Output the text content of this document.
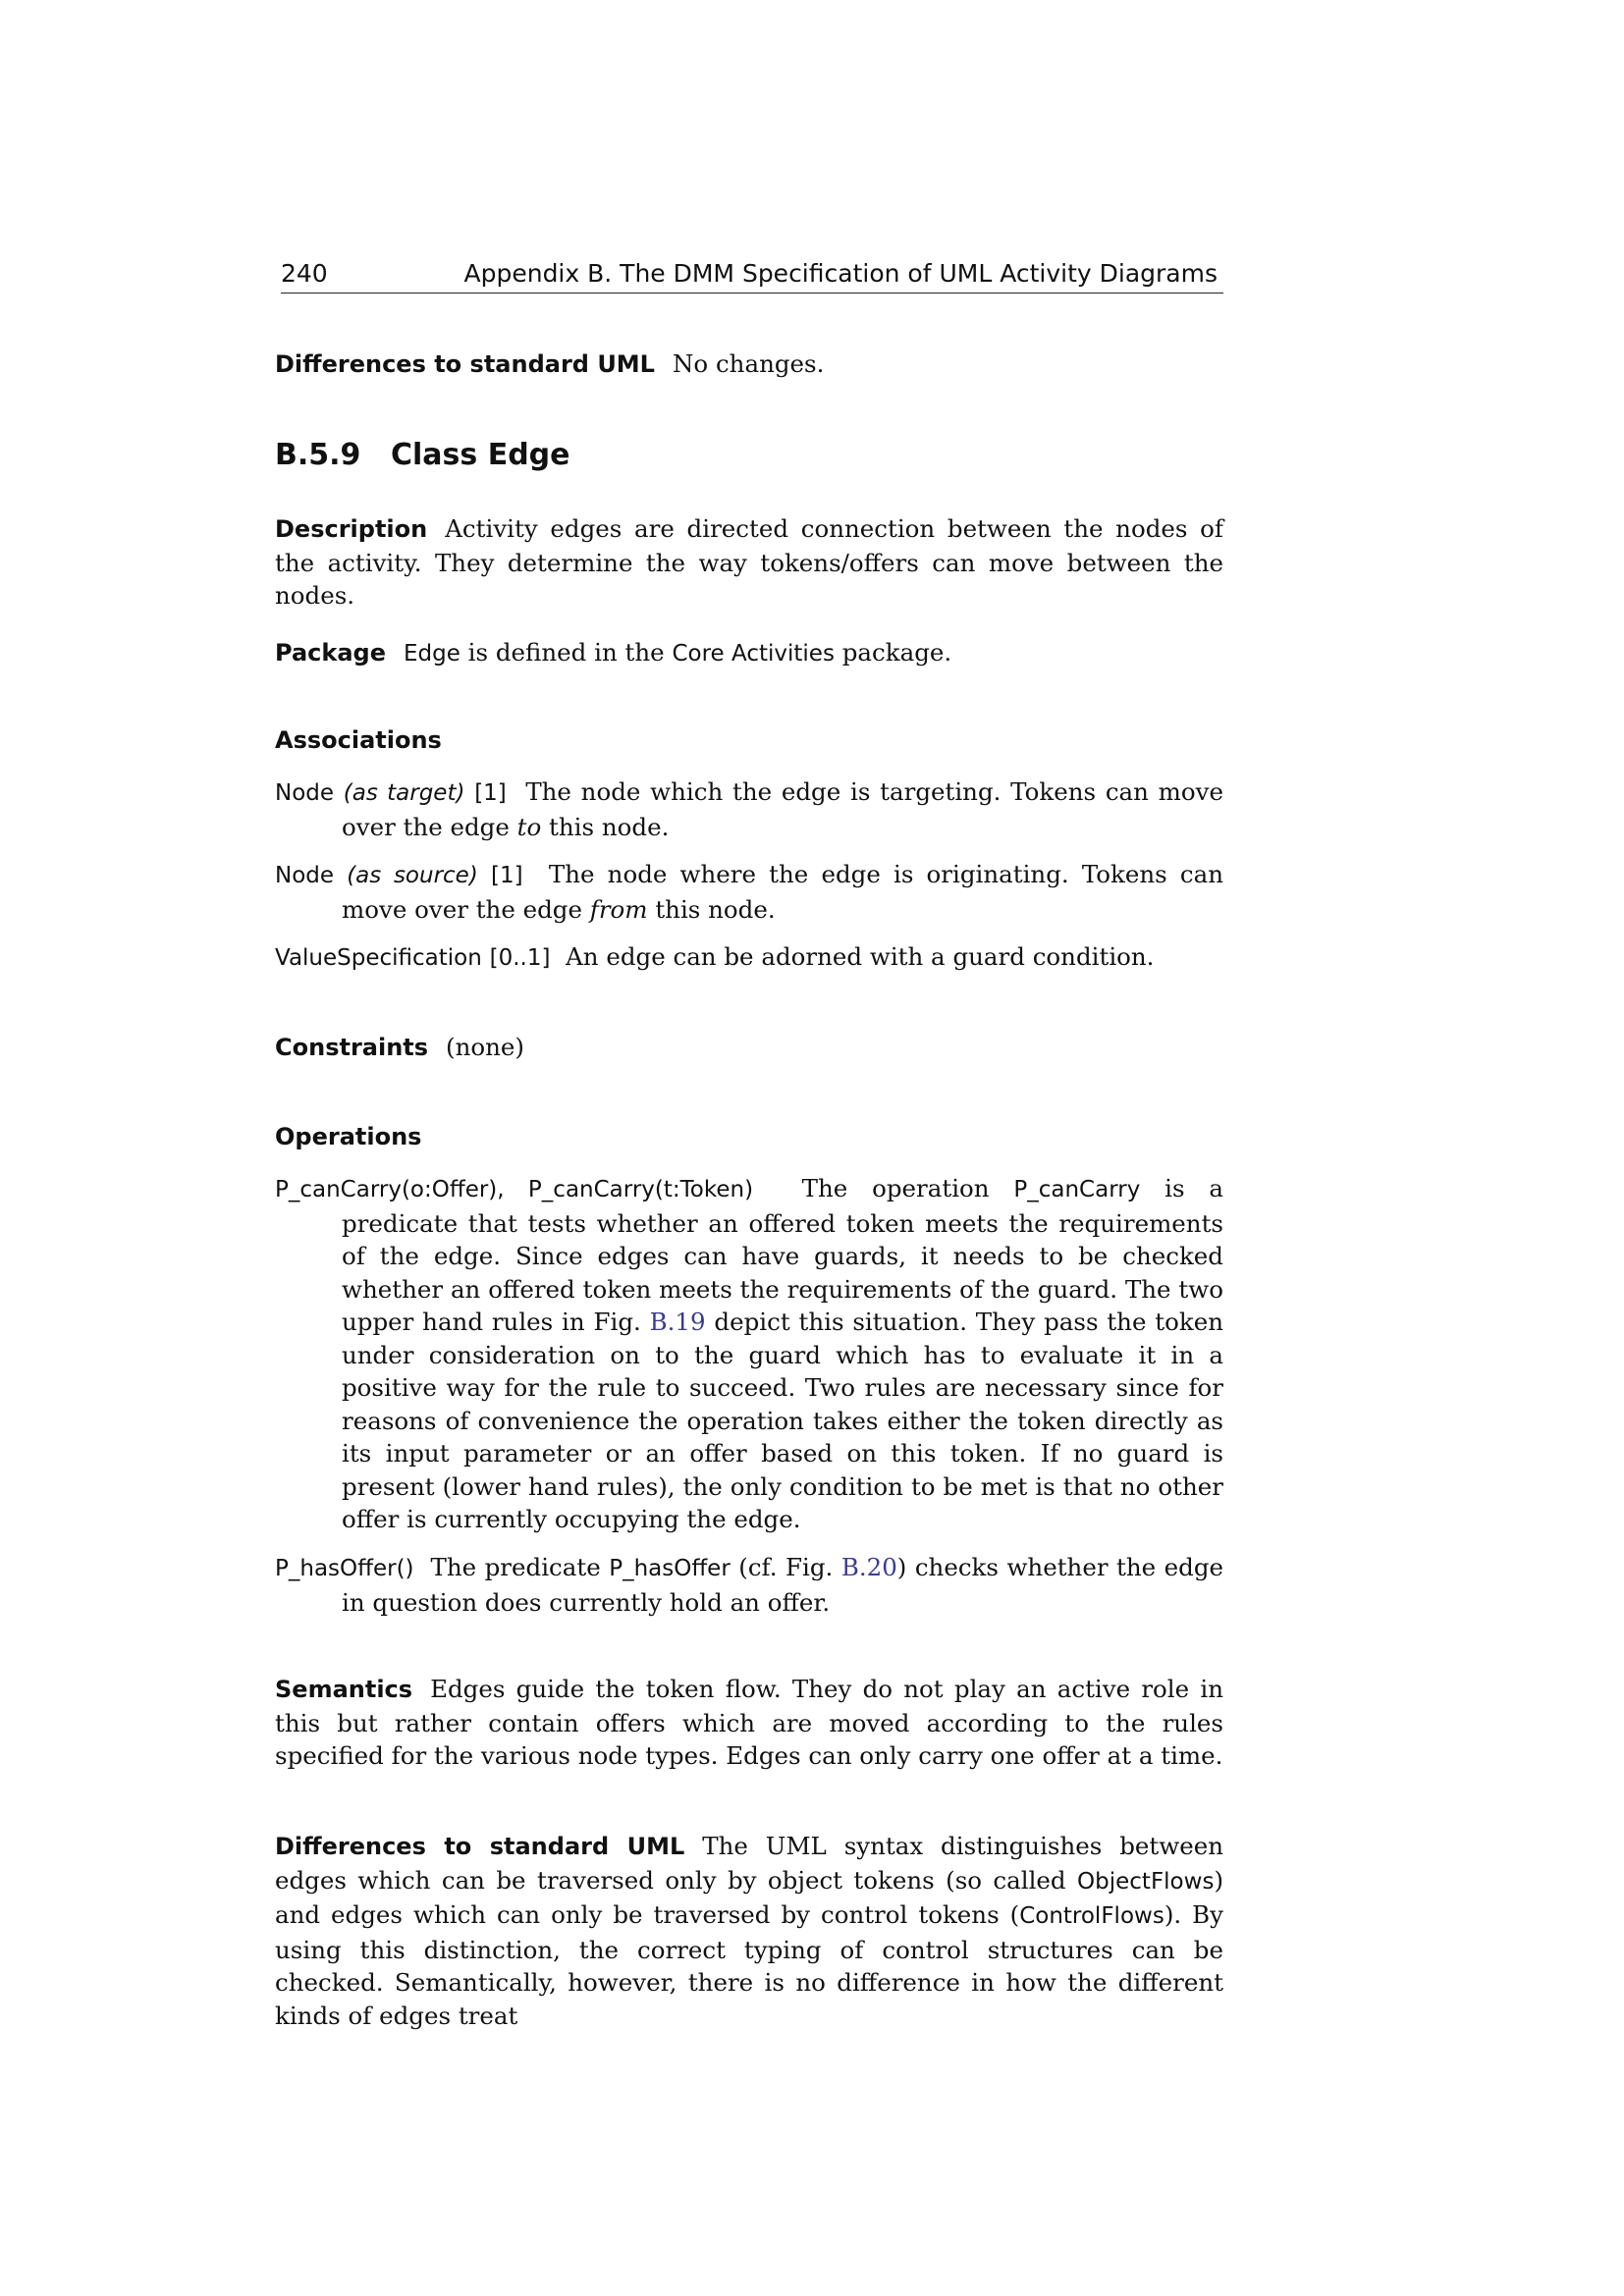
240	Appendix B. The DMM Specification of UML Activity Diagrams
Differences to standard UML No changes.
B.5.9 Class Edge
Description Activity edges are directed connection between the nodes of the activity. They determine the way tokens/offers can move between the nodes.
Package Edge is defined in the Core Activities package.
Associations
Node (as target) [1] The node which the edge is targeting. Tokens can move over the edge to this node.
Node (as source) [1] The node where the edge is originating. Tokens can move over the edge from this node.
ValueSpecification [0..1] An edge can be adorned with a guard condition.
Constraints (none)
Operations
P_canCarry(o:Offer), P_canCarry(t:Token) The operation P_canCarry is a predicate that tests whether an offered token meets the requirements of the edge. Since edges can have guards, it needs to be checked whether an offered token meets the requirements of the guard. The two upper hand rules in Fig. B.19 depict this situation. They pass the token under consideration on to the guard which has to evaluate it in a positive way for the rule to succeed. Two rules are necessary since for reasons of convenience the operation takes either the token directly as its input parameter or an offer based on this token. If no guard is present (lower hand rules), the only condition to be met is that no other offer is currently occupying the edge.
P_hasOffer() The predicate P_hasOffer (cf. Fig. B.20) checks whether the edge in question does currently hold an offer.
Semantics Edges guide the token flow. They do not play an active role in this but rather contain offers which are moved according to the rules specified for the various node types. Edges can only carry one offer at a time.
Differences to standard UML The UML syntax distinguishes between edges which can be traversed only by object tokens (so called ObjectFlows) and edges which can only be traversed by control tokens (ControlFlows). By using this distinction, the correct typing of control structures can be checked. Semantically, however, there is no difference in how the different kinds of edges treat
